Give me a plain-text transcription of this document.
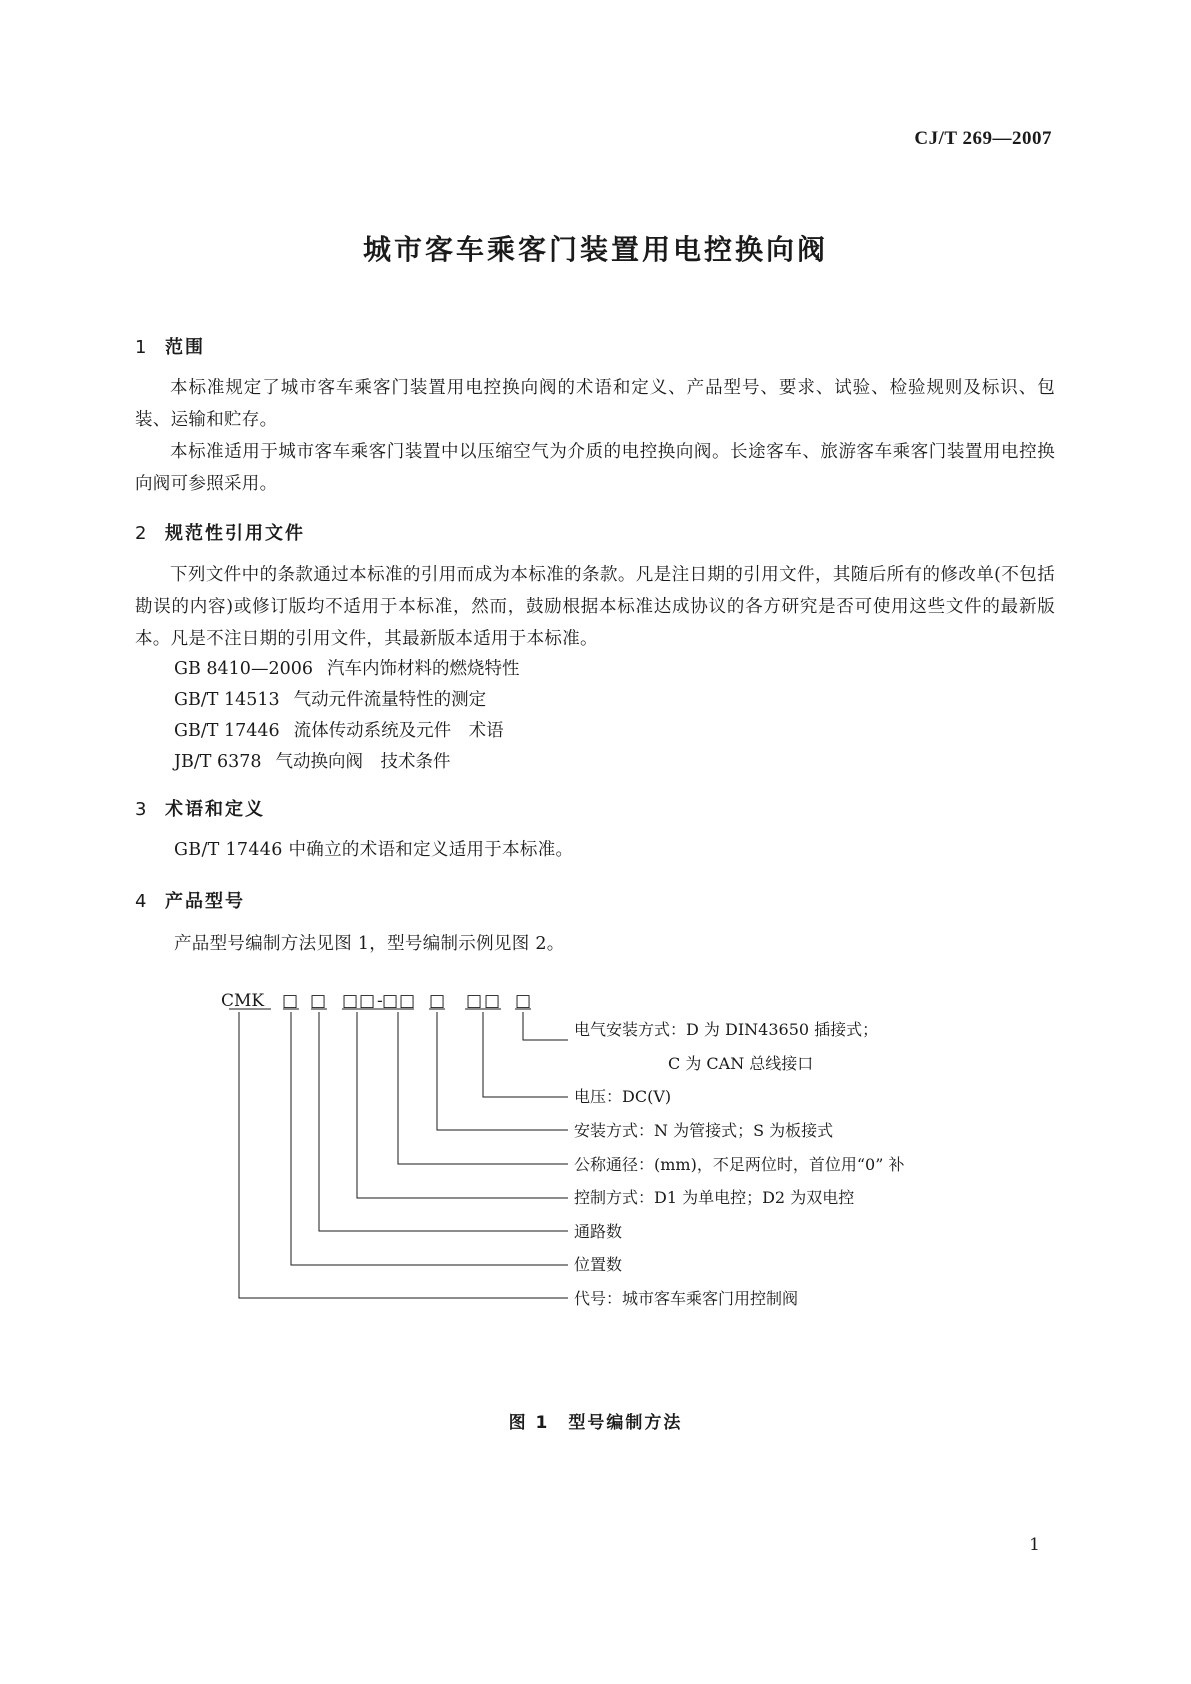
CJ/T 269—2007
城市客车乘客门装置用电控换向阀
1 范围

本标准规定了城市客车乘客门装置用电控换向阀的术语和定义、产品型号、要求、试验、检验规则及标识、包装、运输和贮存。

本标准适用于城市客车乘客门装置中以压缩空气为介质的电控换向阀。长途客车、旅游客车乘客门装置用电控换向阀可参照采用。

2 规范性引用文件

下列文件中的条款通过本标准的引用而成为本标准的条款。凡是注日期的引用文件，其随后所有的修改单(不包括勘误的内容)或修订版均不适用于本标准，然而，鼓励根据本标准达成协议的各方研究是否可使用这些文件的最新版本。凡是不注日期的引用文件，其最新版本适用于本标准。

GB 8410—2006 汽车内饰材料的燃烧特性
GB/T 14513 气动元件流量特性的测定
GB/T 17446 流体传动系统及元件　术语
JB/T 6378 气动换向阀　技术条件
3 术语和定义

GB/T 17446 中确立的术语和定义适用于本标准。

4 产品型号

产品型号编制方法见图 1，型号编制示例见图 2。

CMK □ □ □ □ - □ □ □ □ □ □
电气安装方式：D 为 DIN43650 插接式；
C 为 CAN 总线接口
电压：DC(V)
安装方式：N 为管接式；S 为板接式
公称通径：(mm)，不足两位时，首位用“0” 补
控制方式：D1 为单电控；D2 为双电控
通路数
位置数
代号：城市客车乘客门用控制阀
图 1　型号编制方法
1
